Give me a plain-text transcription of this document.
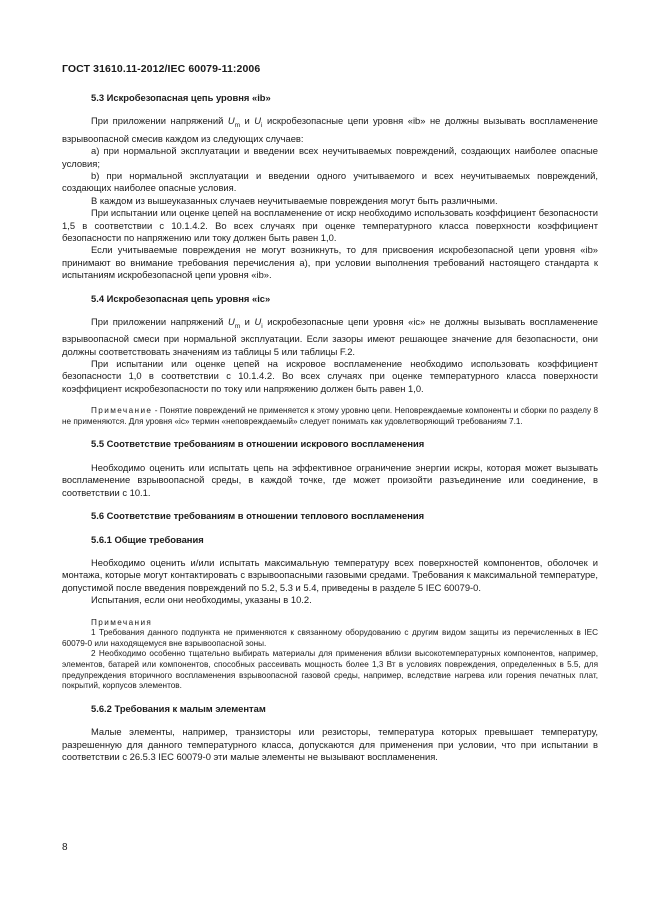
ГОСТ 31610.11-2012/IEC 60079-11:2006
5.3 Искробезопасная цепь уровня «ib»

При приложении напряжений $U_m$ и $U_i$ искробезопасные цепи уровня «ib» не должны вызывать воспламенение взрывоопасной смесив каждом из следующих случаев:

a) при нормальной эксплуатации и введении всех неучитываемых повреждений, создающих наиболее опасные условия;

b) при нормальной эксплуатации и введении одного учитываемого и всех неучитываемых повреждений, создающих наиболее опасные условия.

В каждом из вышеуказанных случаев неучитываемые повреждения могут быть различными.

При испытании или оценке цепей на воспламенение от искр необходимо использовать коэффициент безопасности 1,5 в соответствии с 10.1.4.2. Во всех случаях при оценке температурного класса поверхности коэффициент безопасности по напряжению или току должен быть равен 1,0.

Если учитываемые повреждения не могут возникнуть, то для присвоения искробезопасной цепи уровня «ib» принимают во внимание требования перечисления а), при условии выполнения требований настоящего стандарта к испытаниям искробезопасной цепи уровня «ib».

5.4 Искробезопасная цепь уровня «ic»

При приложении напряжений $U_m$ и $U_i$ искробезопасные цепи уровня «ic» не должны вызывать воспламенение взрывоопасной смеси при нормальной эксплуатации. Если зазоры имеют решающее значение для безопасности, они должны соответствовать значениям из таблицы 5 или таблицы F.2.

При испытании или оценке цепей на искровое воспламенение необходимо использовать коэффициент безопасности 1,0 в соответствии с 10.1.4.2. Во всех случаях при оценке температурного класса поверхности коэффициент искробезопасности по току или напряжению должен быть равен 1,0.

Примечание - Понятие повреждений не применяется к этому уровню цепи. Неповреждаемые компоненты и сборки по разделу 8 не применяются. Для уровня «ic» термин «неповреждаемый» следует понимать как удовлетворяющий требованиям 7.1.

5.5 Соответствие требованиям в отношении искрового воспламенения

Необходимо оценить или испытать цепь на эффективное ограничение энергии искры, которая может вызывать воспламенение взрывоопасной среды, в каждой точке, где может произойти разъединение или соединение, в соответствии с 10.1.

5.6 Соответствие требованиям в отношении теплового воспламенения
5.6.1 Общие требования

Необходимо оценить и/или испытать максимальную температуру всех поверхностей компонентов, оболочек и монтажа, которые могут контактировать с взрывоопасными газовыми средами. Требования к максимальной температуре, допустимой после введения повреждений по 5.2, 5.3 и 5.4, приведены в разделе 5 IEC 60079-0.

Испытания, если они необходимы, указаны в 10.2.

Примечания

1 Требования данного подпункта не применяются к связанному оборудованию с другим видом защиты из перечисленных в IEC 60079-0 или находящемуся вне взрывоопасной зоны.

2 Необходимо особенно тщательно выбирать материалы для применения вблизи высокотемпературных компонентов, например, элементов, батарей или компонентов, способных рассеивать мощность более 1,3 Вт в условиях повреждения, определенных в 5.5, для предупреждения вторичного воспламенения взрывоопасной газовой среды, например, вследствие нагрева или горения печатных плат, покрытий, корпусов элементов.

5.6.2 Требования к малым элементам

Малые элементы, например, транзисторы или резисторы, температура которых превышает температуру, разрешенную для данного температурного класса, допускаются для применения при условии, что при испытании в соответствии с 26.5.3 IEC 60079-0 эти малые элементы не вызывают воспламенения.

8
